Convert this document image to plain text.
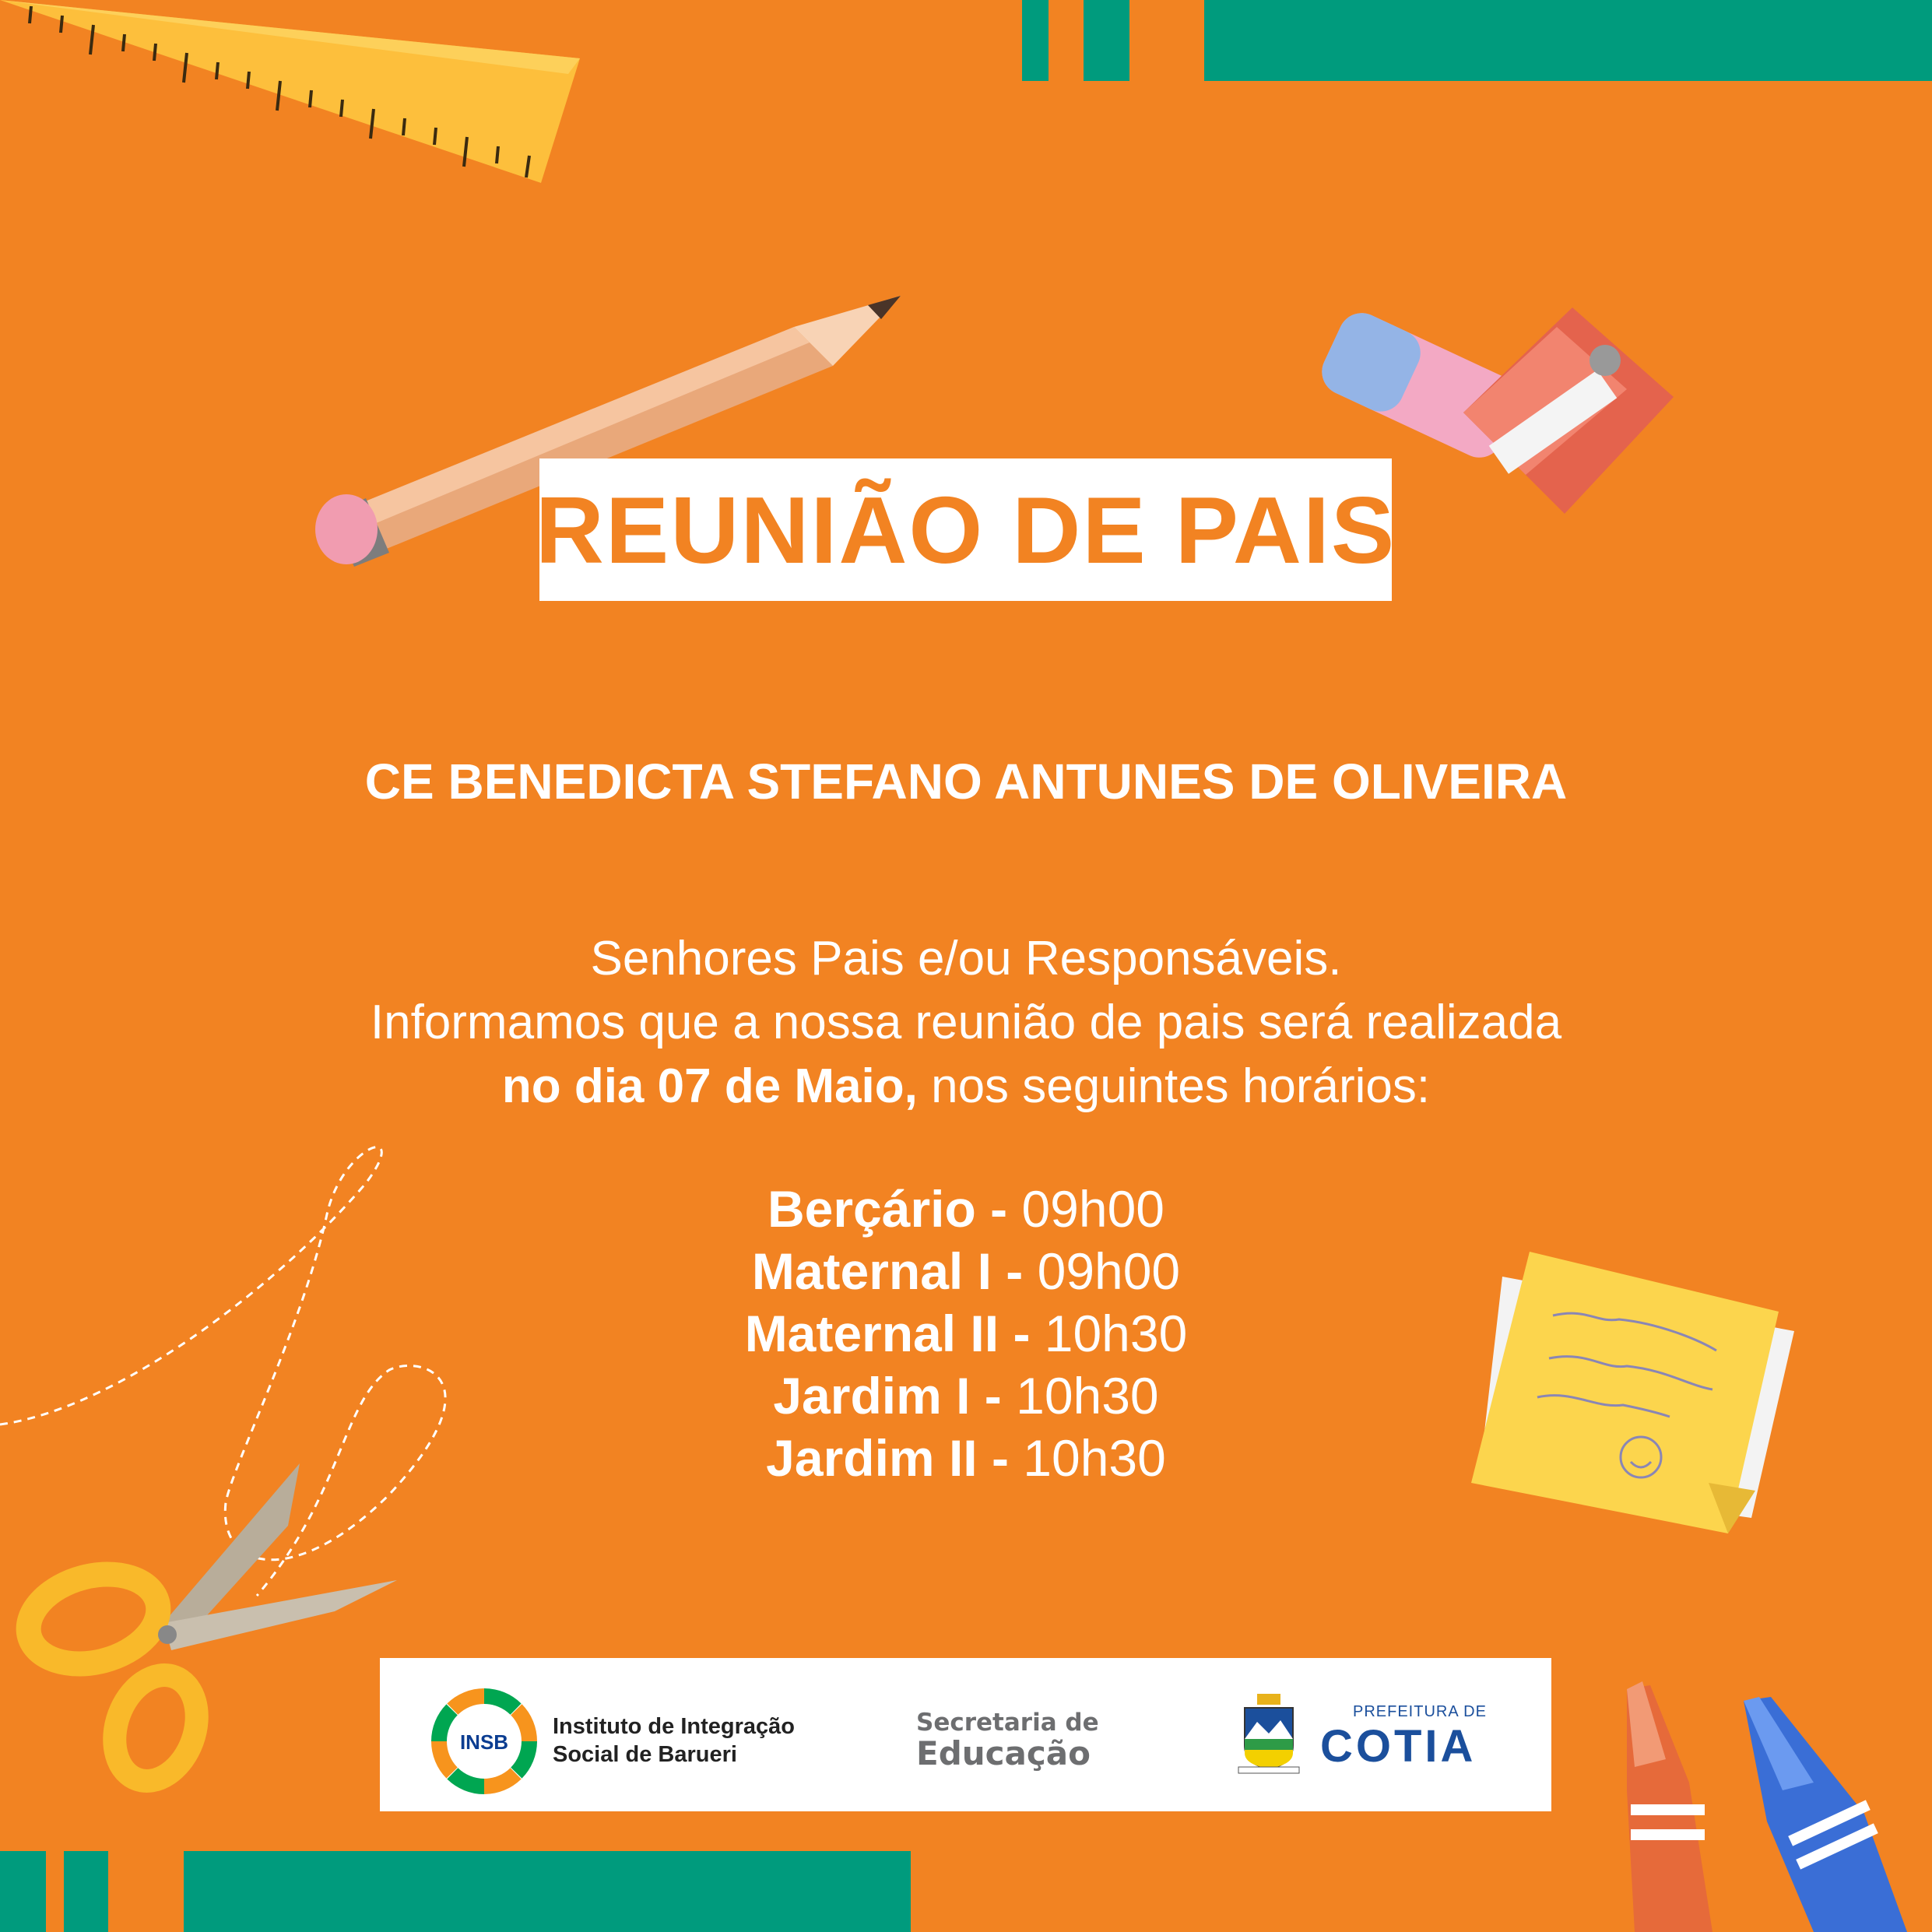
REUNIÃO DE PAIS
CE BENEDICTA STEFANO ANTUNES DE OLIVEIRA
Senhores Pais e/ou Responsáveis.
Informamos que a nossa reunião de pais será realizada
no dia 07 de Maio, nos seguintes horários:
Berçário - 09h00
Maternal I - 09h00
Maternal II - 10h30
Jardim I - 10h30
Jardim II - 10h30
INSB
Instituto de Integração
Social de Barueri
Secretaria de
Educação
PREFEITURA DE
COTIA
